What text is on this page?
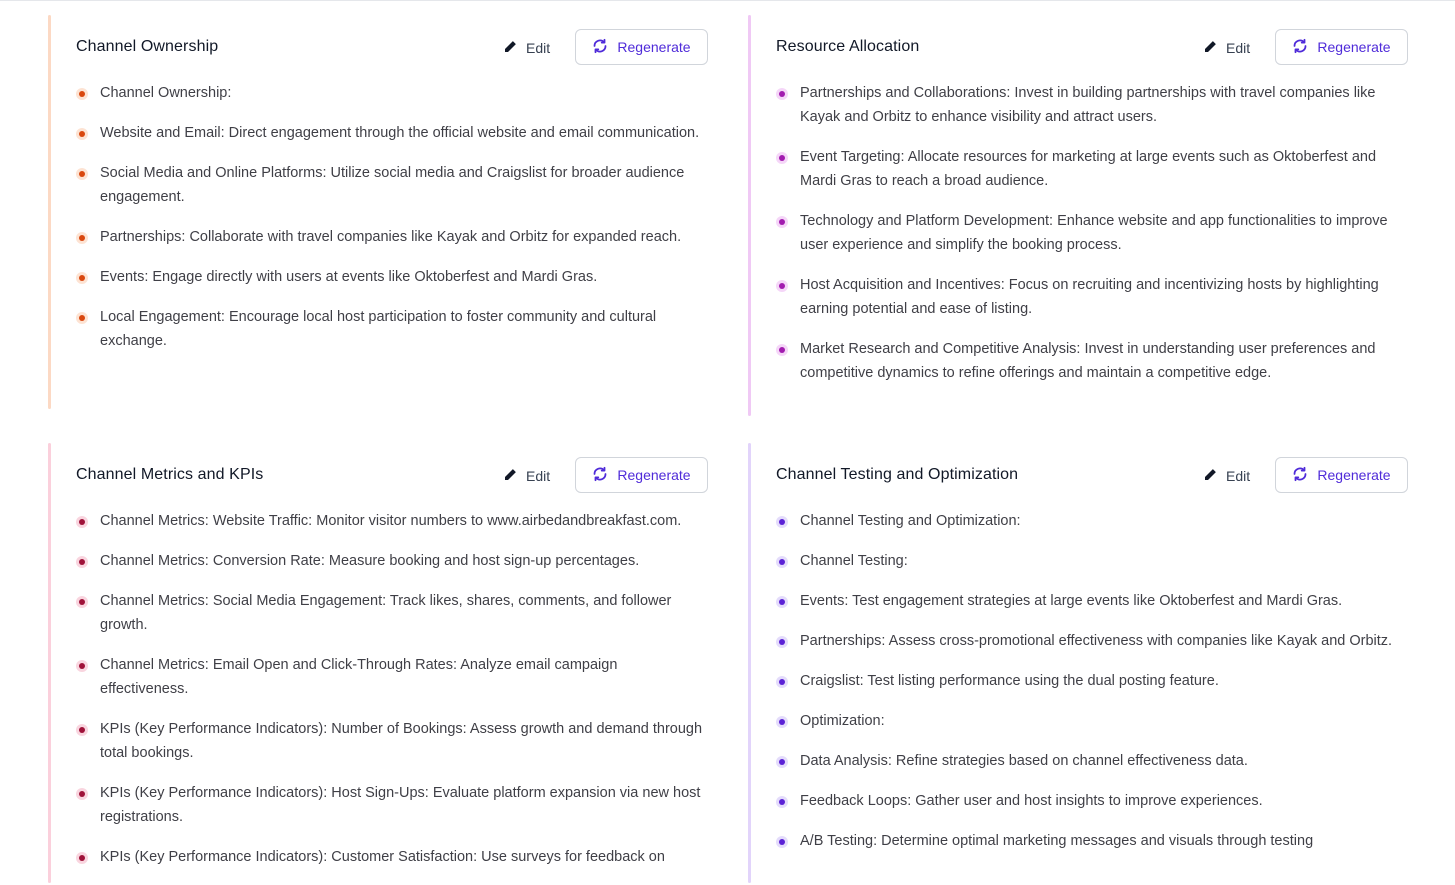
Channel Ownership	Edit	Regenerate
Channel Ownership:
Website and Email: Direct engagement through the official website and email communication.
Social Media and Online Platforms: Utilize social media and Craigslist for broader audience engagement.
Partnerships: Collaborate with travel companies like Kayak and Orbitz for expanded reach.
Events: Engage directly with users at events like Oktoberfest and Mardi Gras.
Local Engagement: Encourage local host participation to foster community and cultural exchange.
Resource Allocation	Edit	Regenerate
Partnerships and Collaborations: Invest in building partnerships with travel companies like Kayak and Orbitz to enhance visibility and attract users.
Event Targeting: Allocate resources for marketing at large events such as Oktoberfest and Mardi Gras to reach a broad audience.
Technology and Platform Development: Enhance website and app functionalities to improve user experience and simplify the booking process.
Host Acquisition and Incentives: Focus on recruiting and incentivizing hosts by highlighting earning potential and ease of listing.
Market Research and Competitive Analysis: Invest in understanding user preferences and competitive dynamics to refine offerings and maintain a competitive edge.
Channel Metrics and KPIs	Edit	Regenerate
Channel Metrics: Website Traffic: Monitor visitor numbers to www.airbedandbreakfast.com.
Channel Metrics: Conversion Rate: Measure booking and host sign-up percentages.
Channel Metrics: Social Media Engagement: Track likes, shares, comments, and follower growth.
Channel Metrics: Email Open and Click-Through Rates: Analyze email campaign effectiveness.
KPIs (Key Performance Indicators): Number of Bookings: Assess growth and demand through total bookings.
KPIs (Key Performance Indicators): Host Sign-Ups: Evaluate platform expansion via new host registrations.
KPIs (Key Performance Indicators): Customer Satisfaction: Use surveys for feedback on
Channel Testing and Optimization	Edit	Regenerate
Channel Testing and Optimization:
Channel Testing:
Events: Test engagement strategies at large events like Oktoberfest and Mardi Gras.
Partnerships: Assess cross-promotional effectiveness with companies like Kayak and Orbitz.
Craigslist: Test listing performance using the dual posting feature.
Optimization:
Data Analysis: Refine strategies based on channel effectiveness data.
Feedback Loops: Gather user and host insights to improve experiences.
A/B Testing: Determine optimal marketing messages and visuals through testing
